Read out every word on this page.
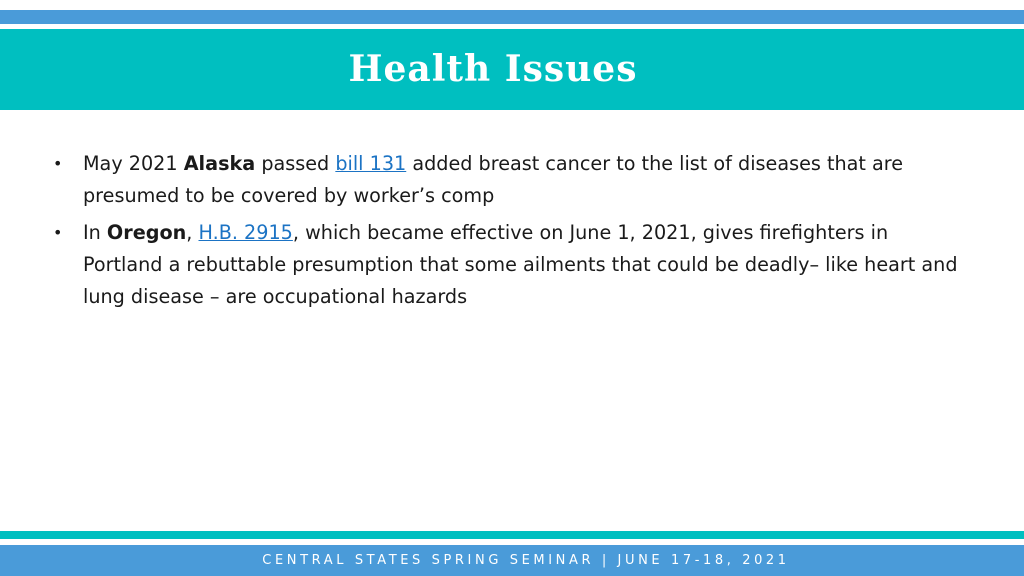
Health Issues
• May 2021 Alaska passed bill 131 added breast cancer to the list of diseases that are presumed to be covered by worker’s comp
• In Oregon, H.B. 2915, which became effective on June 1, 2021, gives firefighters in Portland a rebuttable presumption that some ailments that could be deadly– like heart and lung disease – are occupational hazards
CENTRAL STATES SPRING SEMINAR | JUNE 17-18, 2021
